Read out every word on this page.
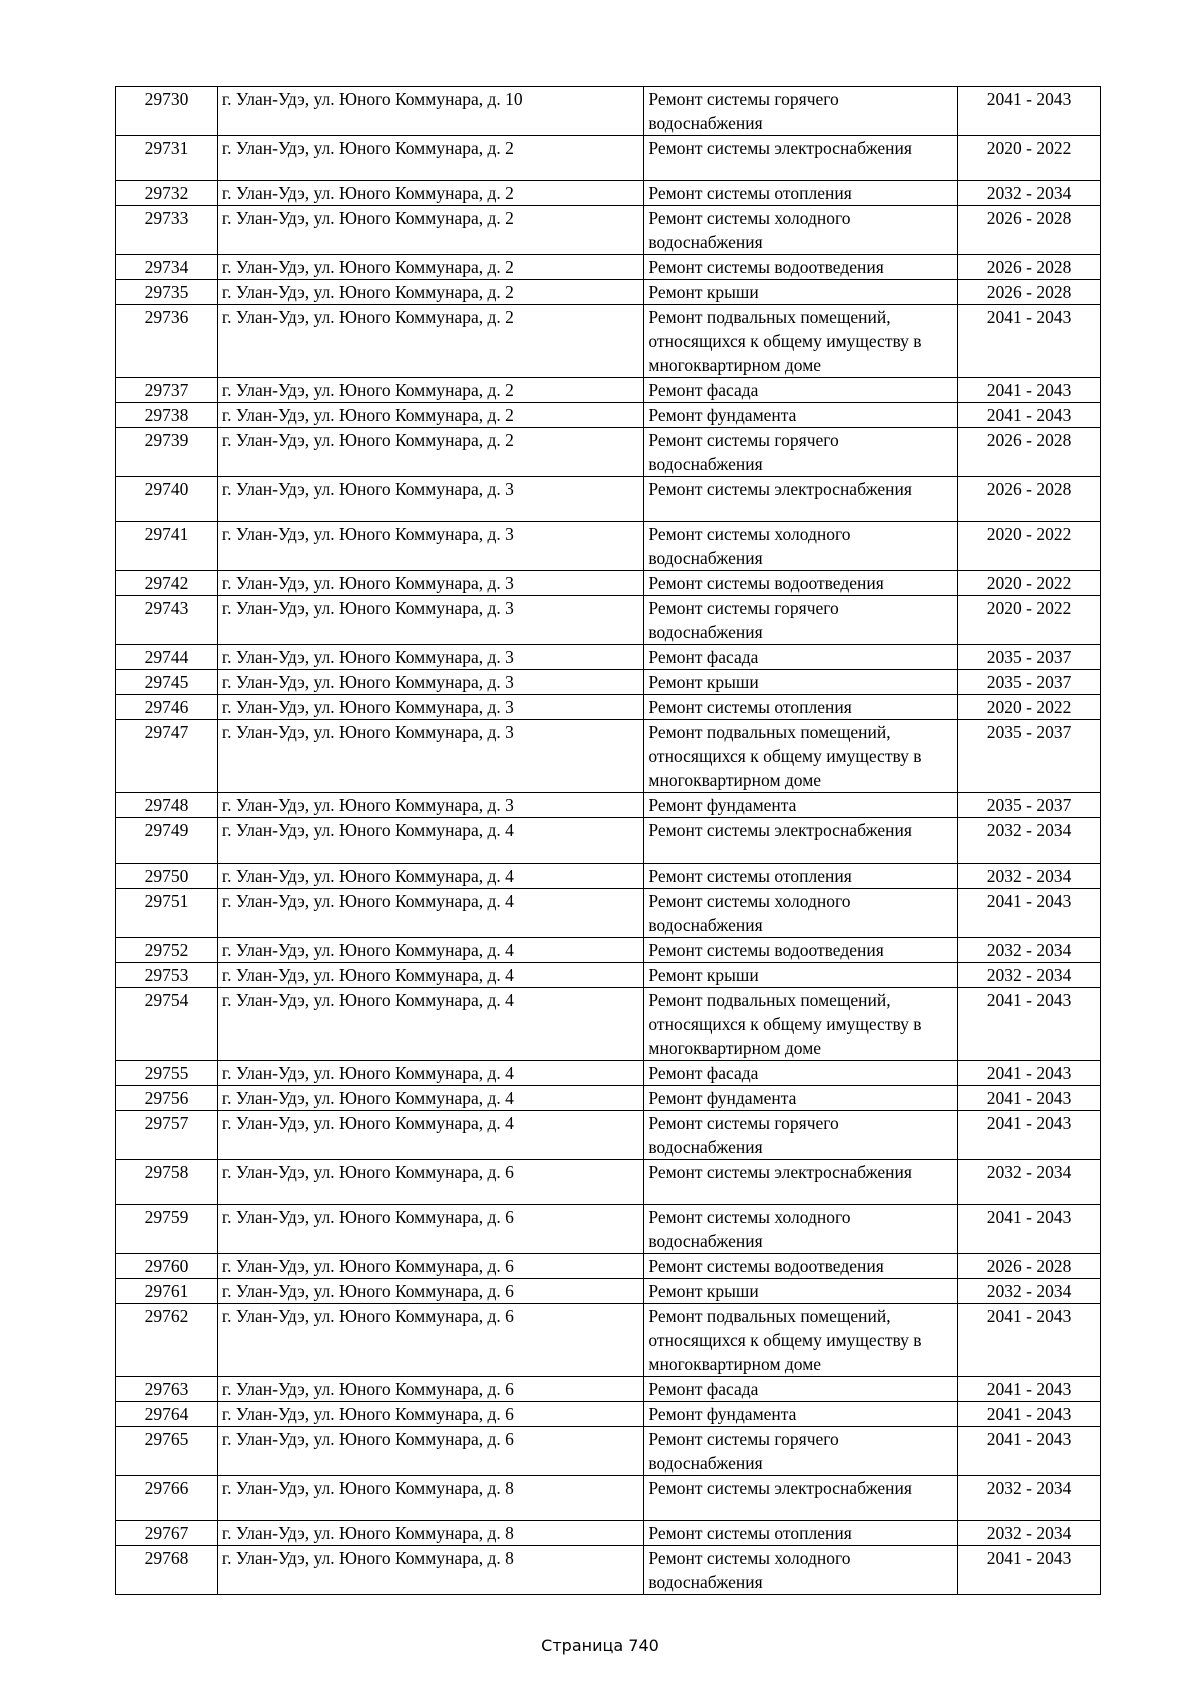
29730	г. Улан-Удэ, ул. Юного Коммунара, д. 10	Ремонт системы горячего водоснабжения	2041 - 2043
29731	г. Улан-Удэ, ул. Юного Коммунара, д. 2	Ремонт системы электроснабжения	2020 - 2022
29732	г. Улан-Удэ, ул. Юного Коммунара, д. 2	Ремонт системы отопления	2032 - 2034
29733	г. Улан-Удэ, ул. Юного Коммунара, д. 2	Ремонт системы холодного водоснабжения	2026 - 2028
29734	г. Улан-Удэ, ул. Юного Коммунара, д. 2	Ремонт системы водоотведения	2026 - 2028
29735	г. Улан-Удэ, ул. Юного Коммунара, д. 2	Ремонт крыши	2026 - 2028
29736	г. Улан-Удэ, ул. Юного Коммунара, д. 2	Ремонт подвальных помещений, относящихся к общему имуществу в многоквартирном доме	2041 - 2043
29737	г. Улан-Удэ, ул. Юного Коммунара, д. 2	Ремонт фасада	2041 - 2043
29738	г. Улан-Удэ, ул. Юного Коммунара, д. 2	Ремонт фундамента	2041 - 2043
29739	г. Улан-Удэ, ул. Юного Коммунара, д. 2	Ремонт системы горячего водоснабжения	2026 - 2028
29740	г. Улан-Удэ, ул. Юного Коммунара, д. 3	Ремонт системы электроснабжения	2026 - 2028
29741	г. Улан-Удэ, ул. Юного Коммунара, д. 3	Ремонт системы холодного водоснабжения	2020 - 2022
29742	г. Улан-Удэ, ул. Юного Коммунара, д. 3	Ремонт системы водоотведения	2020 - 2022
29743	г. Улан-Удэ, ул. Юного Коммунара, д. 3	Ремонт системы горячего водоснабжения	2020 - 2022
29744	г. Улан-Удэ, ул. Юного Коммунара, д. 3	Ремонт фасада	2035 - 2037
29745	г. Улан-Удэ, ул. Юного Коммунара, д. 3	Ремонт крыши	2035 - 2037
29746	г. Улан-Удэ, ул. Юного Коммунара, д. 3	Ремонт системы отопления	2020 - 2022
29747	г. Улан-Удэ, ул. Юного Коммунара, д. 3	Ремонт подвальных помещений, относящихся к общему имуществу в многоквартирном доме	2035 - 2037
29748	г. Улан-Удэ, ул. Юного Коммунара, д. 3	Ремонт фундамента	2035 - 2037
29749	г. Улан-Удэ, ул. Юного Коммунара, д. 4	Ремонт системы электроснабжения	2032 - 2034
29750	г. Улан-Удэ, ул. Юного Коммунара, д. 4	Ремонт системы отопления	2032 - 2034
29751	г. Улан-Удэ, ул. Юного Коммунара, д. 4	Ремонт системы холодного водоснабжения	2041 - 2043
29752	г. Улан-Удэ, ул. Юного Коммунара, д. 4	Ремонт системы водоотведения	2032 - 2034
29753	г. Улан-Удэ, ул. Юного Коммунара, д. 4	Ремонт крыши	2032 - 2034
29754	г. Улан-Удэ, ул. Юного Коммунара, д. 4	Ремонт подвальных помещений, относящихся к общему имуществу в многоквартирном доме	2041 - 2043
29755	г. Улан-Удэ, ул. Юного Коммунара, д. 4	Ремонт фасада	2041 - 2043
29756	г. Улан-Удэ, ул. Юного Коммунара, д. 4	Ремонт фундамента	2041 - 2043
29757	г. Улан-Удэ, ул. Юного Коммунара, д. 4	Ремонт системы горячего водоснабжения	2041 - 2043
29758	г. Улан-Удэ, ул. Юного Коммунара, д. 6	Ремонт системы электроснабжения	2032 - 2034
29759	г. Улан-Удэ, ул. Юного Коммунара, д. 6	Ремонт системы холодного водоснабжения	2041 - 2043
29760	г. Улан-Удэ, ул. Юного Коммунара, д. 6	Ремонт системы водоотведения	2026 - 2028
29761	г. Улан-Удэ, ул. Юного Коммунара, д. 6	Ремонт крыши	2032 - 2034
29762	г. Улан-Удэ, ул. Юного Коммунара, д. 6	Ремонт подвальных помещений, относящихся к общему имуществу в многоквартирном доме	2041 - 2043
29763	г. Улан-Удэ, ул. Юного Коммунара, д. 6	Ремонт фасада	2041 - 2043
29764	г. Улан-Удэ, ул. Юного Коммунара, д. 6	Ремонт фундамента	2041 - 2043
29765	г. Улан-Удэ, ул. Юного Коммунара, д. 6	Ремонт системы горячего водоснабжения	2041 - 2043
29766	г. Улан-Удэ, ул. Юного Коммунара, д. 8	Ремонт системы электроснабжения	2032 - 2034
29767	г. Улан-Удэ, ул. Юного Коммунара, д. 8	Ремонт системы отопления	2032 - 2034
29768	г. Улан-Удэ, ул. Юного Коммунара, д. 8	Ремонт системы холодного водоснабжения	2041 - 2043
Страница 740
